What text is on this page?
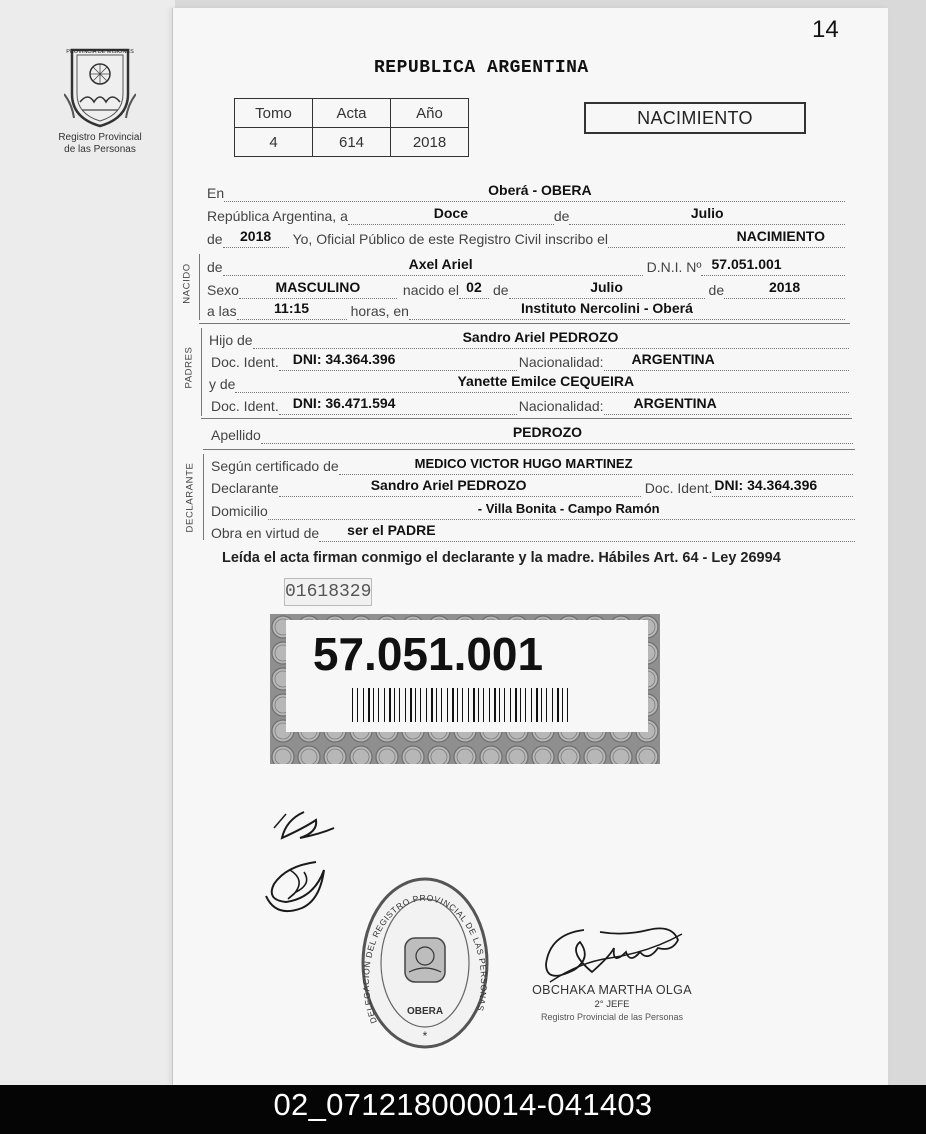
14
PROVINCIA DE MISIONES
Registro Provincial
de las Personas
REPUBLICA ARGENTINA
Tomo	Acta	Año
4	614	2018
NACIMIENTO
En	Oberá - OBERA
República Argentina, a	Doce	de	Julio
de	2018	Yo, Oficial Público de este Registro Civil inscribo el	NACIMIENTO
NACIDO de	Axel Ariel	D.N.I. Nº 57.051.001
Sexo	MASCULINO	nacido el 02 de	Julio	de	2018
a las	11:15	horas, en	Instituto Nercolini - Oberá
PADRES
Hijo de	Sandro Ariel PEDROZO
Doc. Ident. DNI: 34.364.396	Nacionalidad: ARGENTINA
y de	Yanette Emilce CEQUEIRA
Doc. Ident. DNI: 36.471.594	Nacionalidad: ARGENTINA
Apellido	PEDROZO
DECLARANTE Según certificado de	MEDICO VICTOR HUGO MARTINEZ
Declarante	Sandro Ariel PEDROZO	Doc. Ident. DNI: 34.364.396
Domicilio	- Villa Bonita - Campo Ramón
Obra en virtud de ser el PADRE
Leída el acta firman conmigo el declarante y la madre. Hábiles Art. 64 - Ley 26994
01618329
57.051.001
OBERA
DELEGACION DEL REGISTRO PROVINCIAL DE LAS PERSONAS
*
OBCHAKA MARTHA OLGA
2° JEFE
Registro Provincial de las Personas
02_071218000014-041403
